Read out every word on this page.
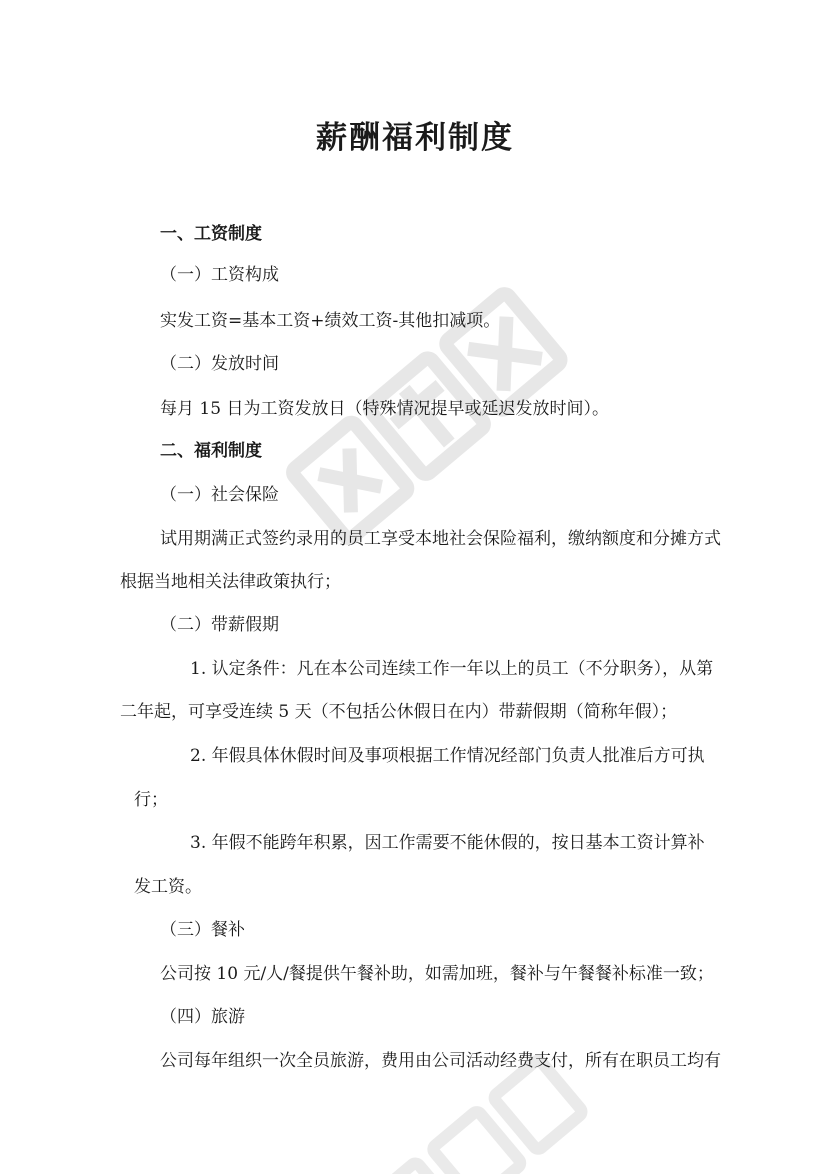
薪酬福利制度

一、工资制度

（一）工资构成

实发工资=基本工资+绩效工资-其他扣减项。

（二）发放时间

每月 15 日为工资发放日（特殊情况提早或延迟发放时间）。

二、福利制度

（一）社会保险

试用期满正式签约录用的员工享受本地社会保险福利，缴纳额度和分摊方式

根据当地相关法律政策执行；

（二）带薪假期

1. 认定条件：凡在本公司连续工作一年以上的员工（不分职务），从第

二年起，可享受连续 5 天（不包括公休假日在内）带薪假期（简称年假）；

2. 年假具体休假时间及事项根据工作情况经部门负责人批准后方可执

行；

3. 年假不能跨年积累，因工作需要不能休假的，按日基本工资计算补

发工资。

（三）餐补

公司按 10 元/人/餐提供午餐补助，如需加班，餐补与午餐餐补标准一致；

（四）旅游

公司每年组织一次全员旅游，费用由公司活动经费支付，所有在职员工均有
